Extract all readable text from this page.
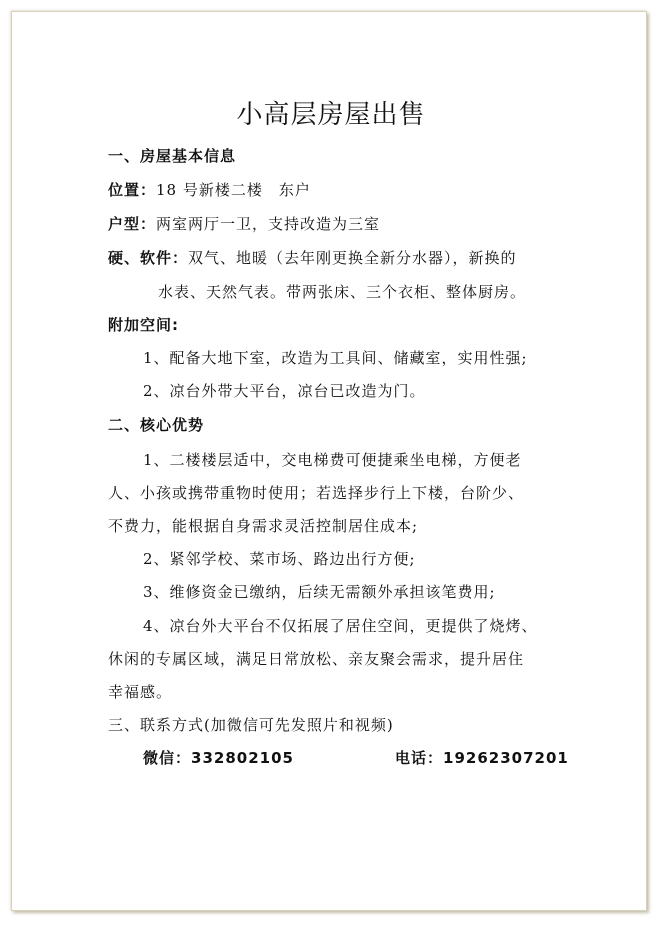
小高层房屋出售
一、房屋基本信息
位置：18 号新楼二楼　东户
户型：两室两厅一卫，支持改造为三室
硬、软件：双气、地暖（去年刚更换全新分水器），新换的
水表、天然气表。带两张床、三个衣柜、整体厨房。
附加空间:
1、配备大地下室，改造为工具间、储藏室，实用性强;
2、凉台外带大平台，凉台已改造为门。
二、核心优势
1、二楼楼层适中，交电梯费可便捷乘坐电梯，方便老
人、小孩或携带重物时使用；若选择步行上下楼，台阶少、
不费力，能根据自身需求灵活控制居住成本;
2、紧邻学校、菜市场、路边出行方便;
3、维修资金已缴纳，后续无需额外承担该笔费用;
4、凉台外大平台不仅拓展了居住空间，更提供了烧烤、
休闲的专属区域，满足日常放松、亲友聚会需求，提升居住
幸福感。
三、联系方式(加微信可先发照片和视频)
微信：332802105	电话：19262307201
